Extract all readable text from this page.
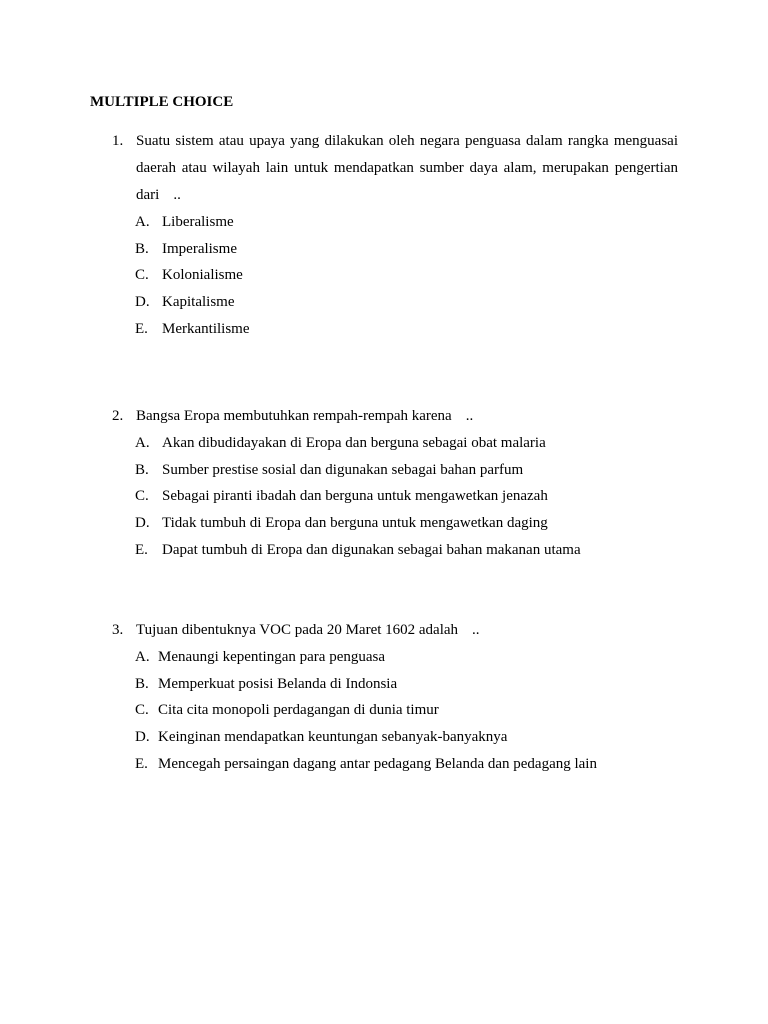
MULTIPLE CHOICE
1. Suatu sistem atau upaya yang dilakukan oleh negara penguasa dalam rangka menguasai daerah atau wilayah lain untuk mendapatkan sumber daya alam, merupakan pengertian dari ..
A. Liberalisme
B. Imperalisme
C. Kolonialisme
D. Kapitalisme
E. Merkantilisme
2. Bangsa Eropa membutuhkan rempah-rempah karena ..
A. Akan dibudidayakan di Eropa dan berguna sebagai obat malaria
B. Sumber prestise sosial dan digunakan sebagai bahan parfum
C. Sebagai piranti ibadah dan berguna untuk mengawetkan jenazah
D. Tidak tumbuh di Eropa dan berguna untuk mengawetkan daging
E. Dapat tumbuh di Eropa dan digunakan sebagai bahan makanan utama
3. Tujuan dibentuknya VOC pada 20 Maret 1602 adalah ..
A. Menaungi kepentingan para penguasa
B. Memperkuat posisi Belanda di Indonsia
C. Cita cita monopoli perdagangan di dunia timur
D. Keinginan mendapatkan keuntungan sebanyak-banyaknya
E. Mencegah persaingan dagang antar pedagang Belanda dan pedagang lain
